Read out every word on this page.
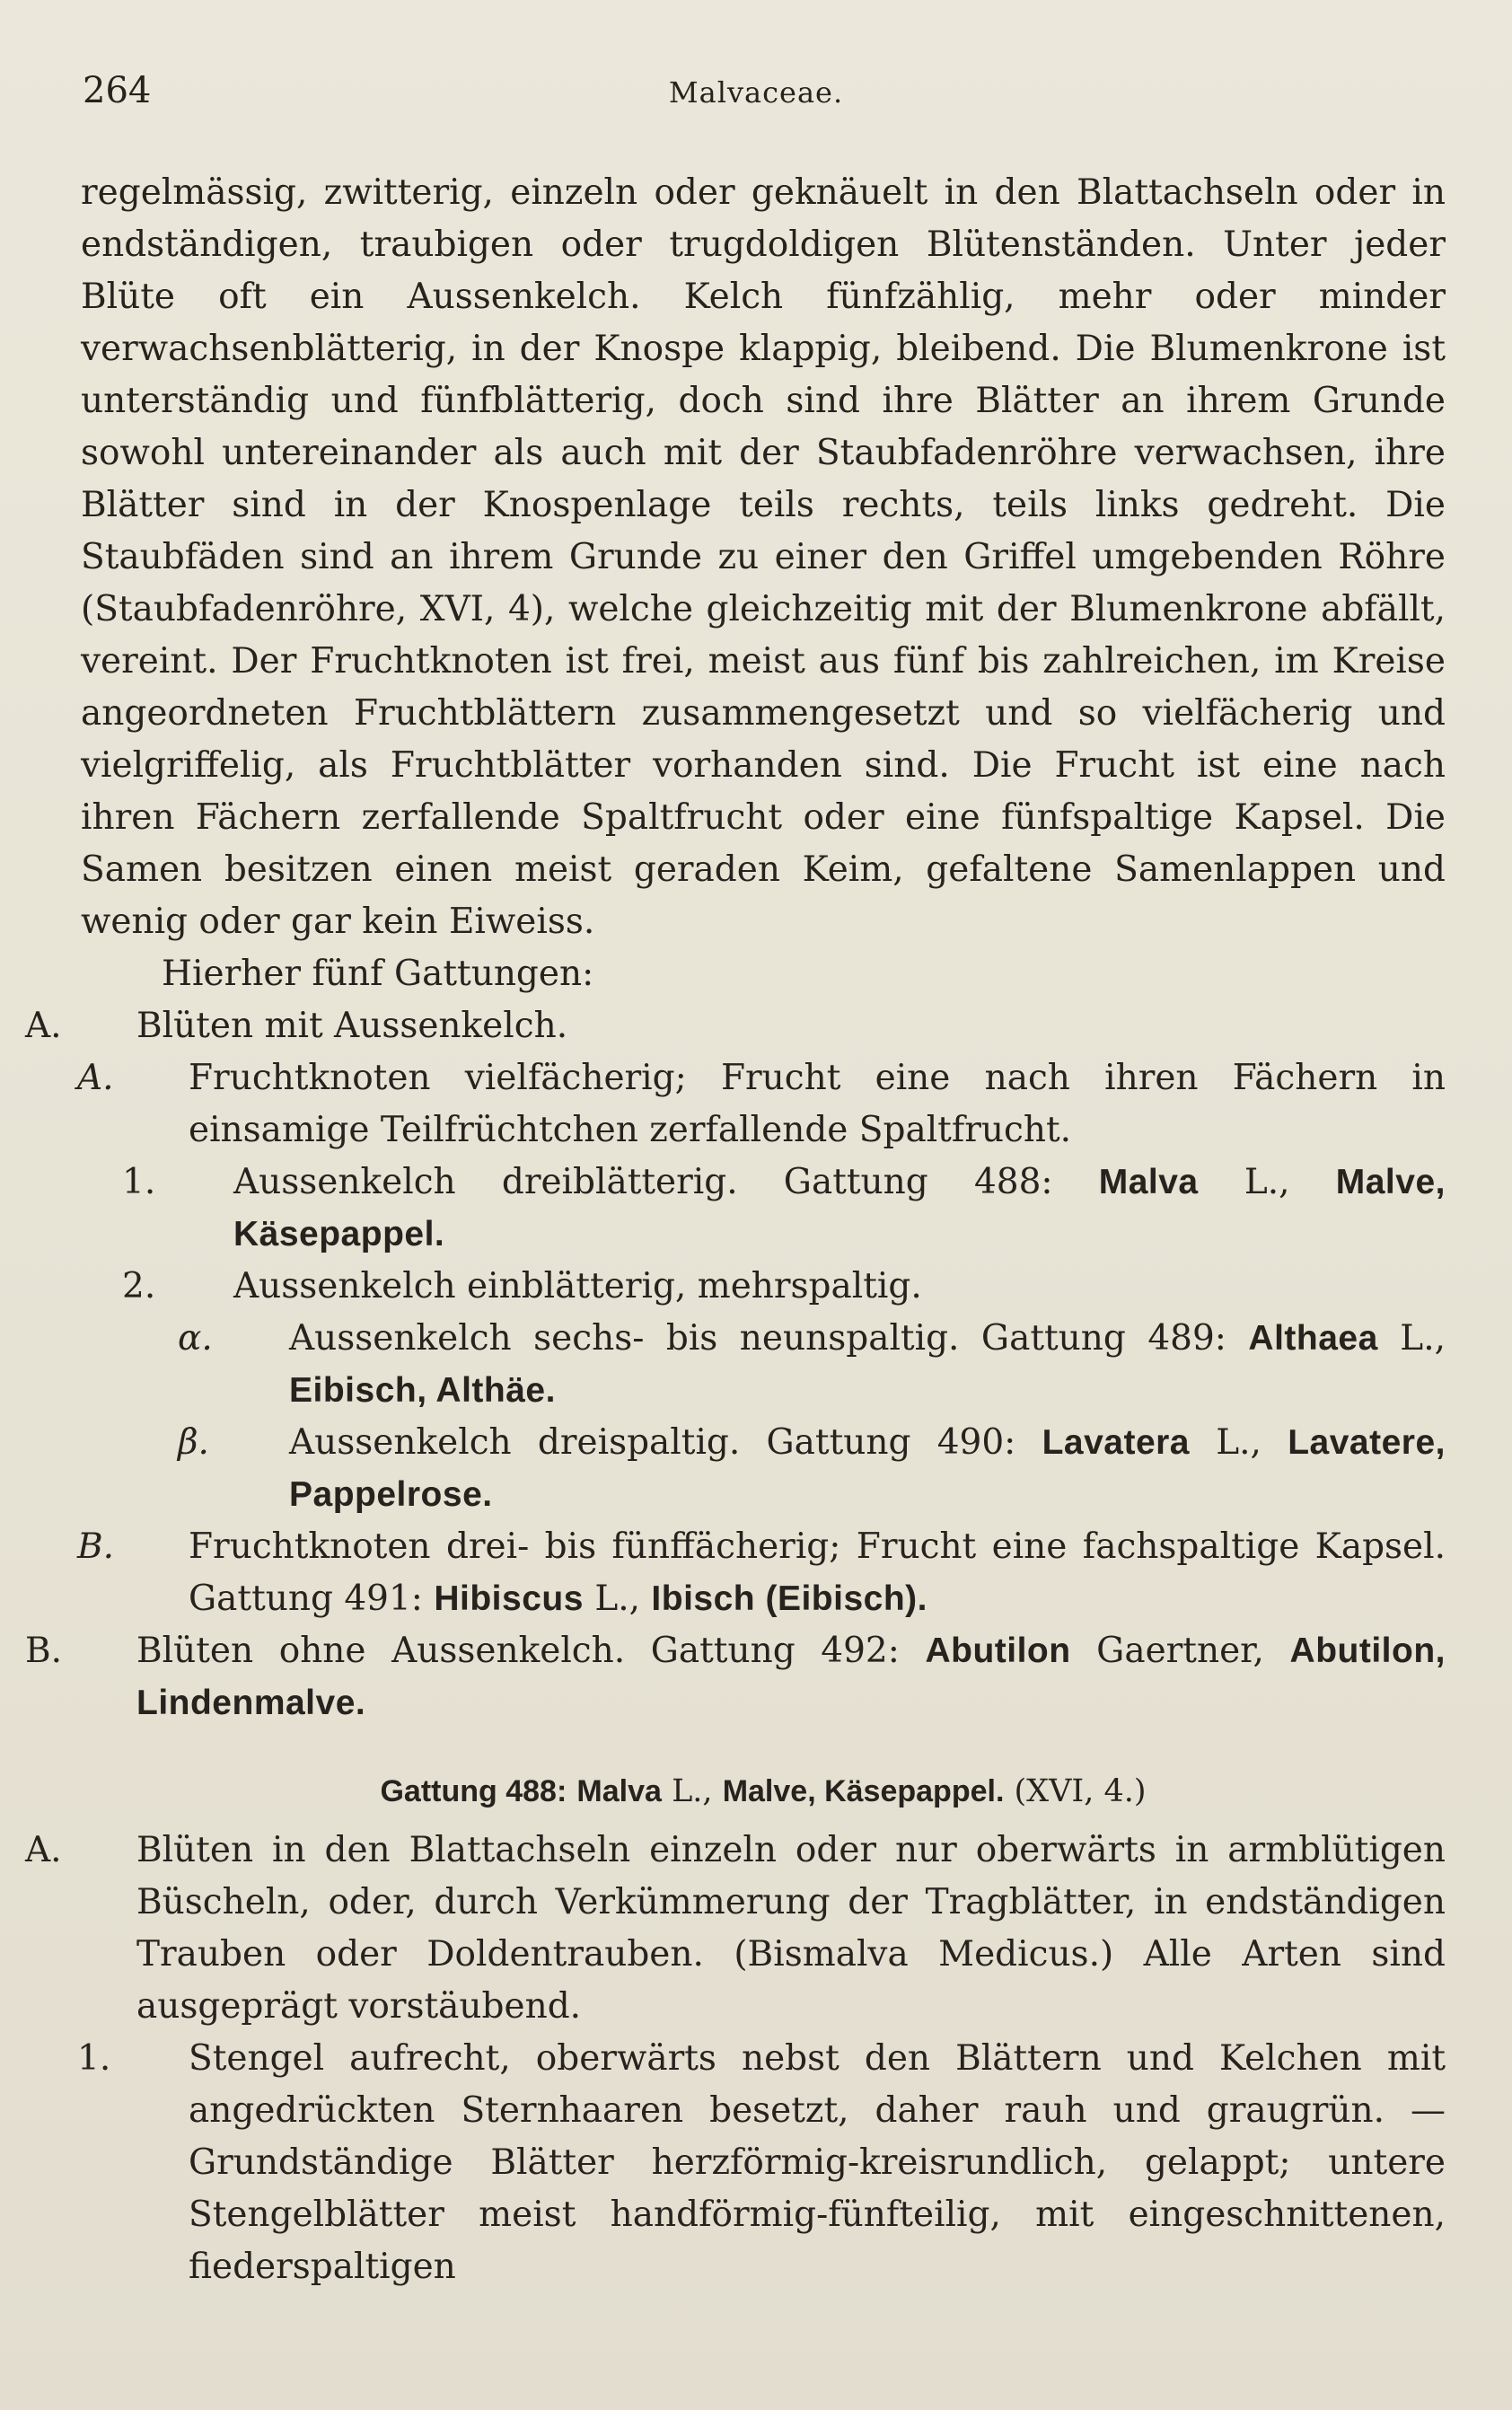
264	Malvaceae.

regelmässig, zwitterig, einzeln oder geknäuelt in den Blattachseln oder in endständigen, traubigen oder trugdoldigen Blütenständen. Unter jeder Blüte oft ein Aussenkelch. Kelch fünfzählig, mehr oder minder verwachsenblätterig, in der Knospe klappig, bleibend. Die Blumenkrone ist unterständig und fünfblätterig, doch sind ihre Blätter an ihrem Grunde sowohl untereinander als auch mit der Staubfadenröhre verwachsen, ihre Blätter sind in der Knospenlage teils rechts, teils links gedreht. Die Staubfäden sind an ihrem Grunde zu einer den Griffel umgebenden Röhre (Staubfadenröhre, XVI, 4), welche gleichzeitig mit der Blumenkrone abfällt, vereint. Der Fruchtknoten ist frei, meist aus fünf bis zahlreichen, im Kreise angeordneten Fruchtblättern zusammengesetzt und so vielfächerig und vielgriffelig, als Fruchtblätter vorhanden sind. Die Frucht ist eine nach ihren Fächern zerfallende Spaltfrucht oder eine fünfspaltige Kapsel. Die Samen besitzen einen meist geraden Keim, gefaltene Samenlappen und wenig oder gar kein Eiweiss.

Hierher fünf Gattungen:

A. Blüten mit Aussenkelch.

A. Fruchtknoten vielfächerig; Frucht eine nach ihren Fächern in einsamige Teilfrüchtchen zerfallende Spaltfrucht.

1. Aussenkelch dreiblätterig. Gattung 488: Malva L., Malve, Käsepappel.

2. Aussenkelch einblätterig, mehrspaltig.

α. Aussenkelch sechs- bis neunspaltig. Gattung 489: Althaea L., Eibisch, Althäe.

β. Aussenkelch dreispaltig. Gattung 490: Lavatera L., Lavatere, Pappelrose.

B. Fruchtknoten drei- bis fünffächerig; Frucht eine fachspaltige Kapsel. Gattung 491: Hibiscus L., Ibisch (Eibisch).

B. Blüten ohne Aussenkelch. Gattung 492: Abutilon Gaertner, Abutilon, Lindenmalve.

Gattung 488: Malva L., Malve, Käsepappel. (XVI, 4.)

A. Blüten in den Blattachseln einzeln oder nur oberwärts in armblütigen Büscheln, oder, durch Verkümmerung der Tragblätter, in endständigen Trauben oder Doldentrauben. (Bismalva Medicus.) Alle Arten sind ausgeprägt vorstäubend.

1. Stengel aufrecht, oberwärts nebst den Blättern und Kelchen mit angedrückten Sternhaaren besetzt, daher rauh und graugrün. — Grundständige Blätter herzförmig-kreisrundlich, gelappt; untere Stengelblätter meist handförmig-fünfteilig, mit eingeschnittenen, fiederspaltigen
